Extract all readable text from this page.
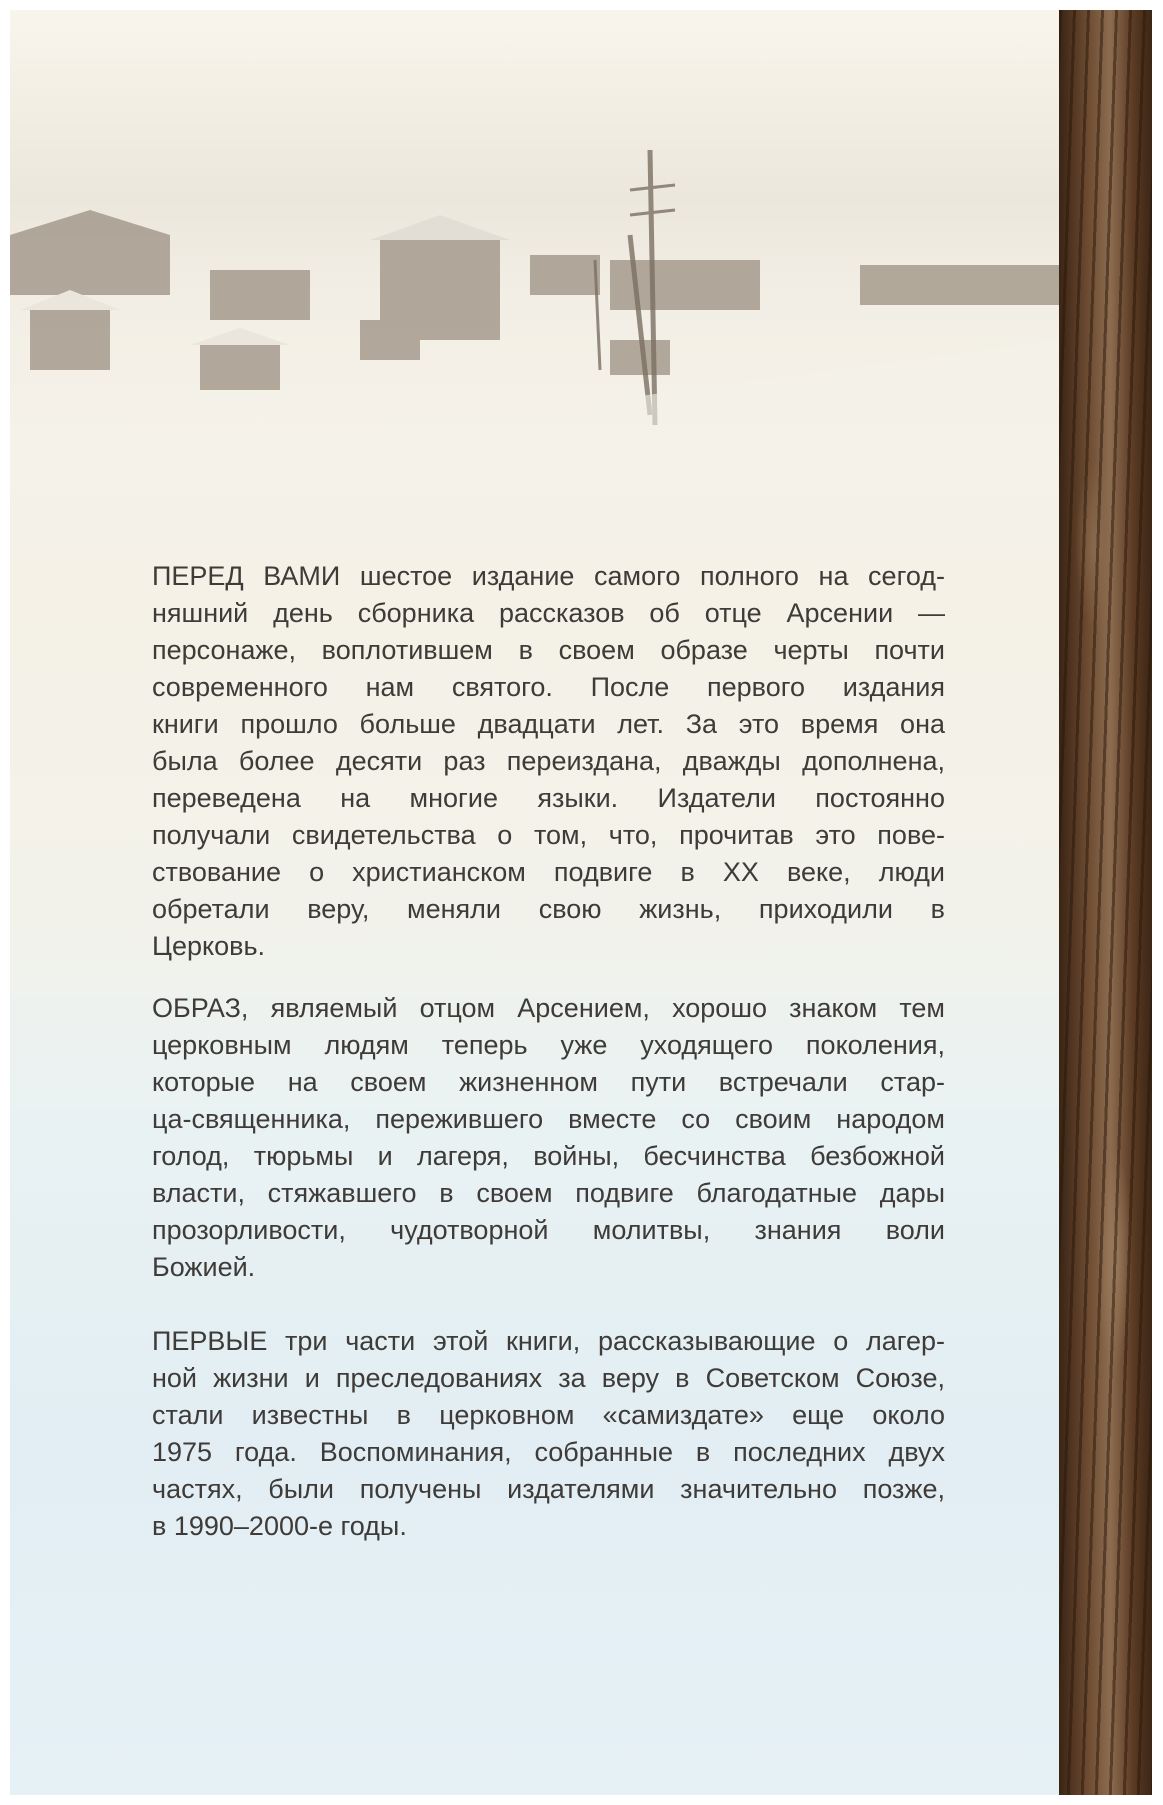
ПЕРЕД ВАМИ шестое издание самого полного на сегод-
няшний день сборника рассказов об отце Арсении —
персонаже, воплотившем в своем образе черты почти
современного нам святого. После первого издания
книги прошло больше двадцати лет. За это время она
была более десяти раз переиздана, дважды дополнена,
переведена на многие языки. Издатели постоянно
получали свидетельства о том, что, прочитав это пове-
ствование о христианском подвиге в XX веке, люди
обретали веру, меняли свою жизнь, приходили в
Церковь.
ОБРАЗ, являемый отцом Арсением, хорошо знаком тем
церковным людям теперь уже уходящего поколения,
которые на своем жизненном пути встречали стар-
ца-священника, пережившего вместе со своим народом
голод, тюрьмы и лагеря, войны, бесчинства безбожной
власти, стяжавшего в своем подвиге благодатные дары
прозорливости, чудотворной молитвы, знания воли
Божией.
ПЕРВЫЕ три части этой книги, рассказывающие о лагер-
ной жизни и преследованиях за веру в Советском Союзе,
стали известны в церковном «самиздате» еще около
1975 года. Воспоминания, собранные в последних двух
частях, были получены издателями значительно позже,
в 1990–2000-е годы.
